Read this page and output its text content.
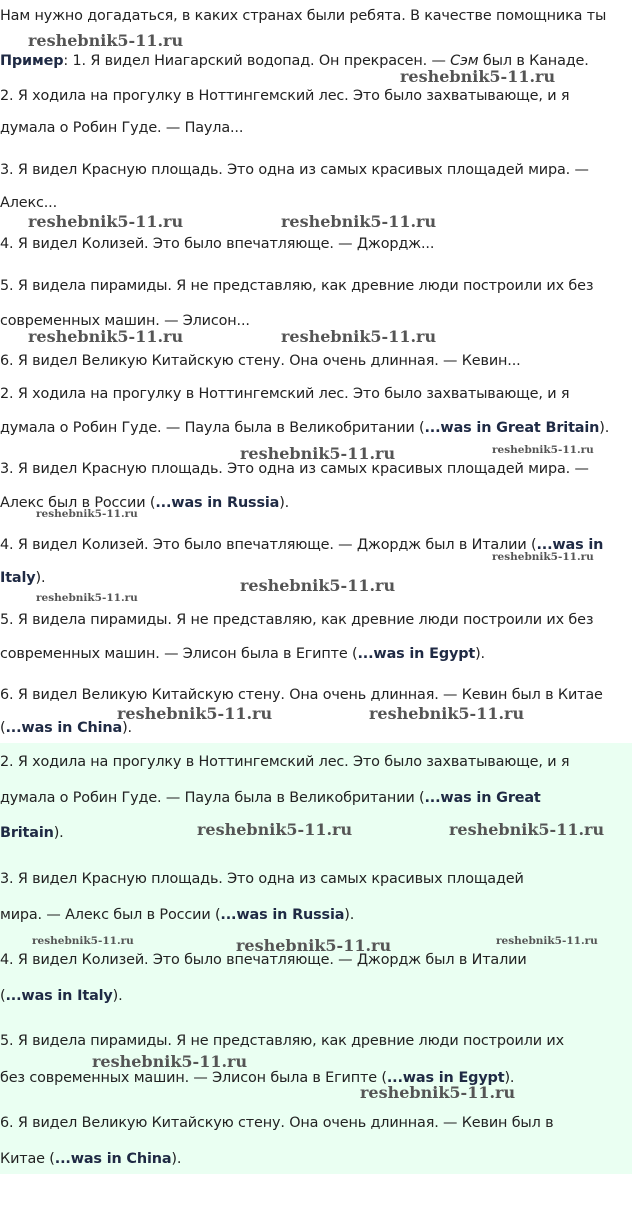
Нам нужно догадаться, в каких странах были ребята. В качестве помощника ты
Пример: 1. Я видел Ниагарский водопад. Он прекрасен. — Сэм был в Канаде.
2. Я ходила на прогулку в Ноттингемский лес. Это было захватывающе, и я
думала о Робин Гуде. — Паула...
3. Я видел Красную площадь. Это одна из самых красивых площадей мира. —
Алекс...
4. Я видел Колизей. Это было впечатляюще. — Джордж...
5. Я видела пирамиды. Я не представляю, как древние люди построили их без
современных машин. — Элисон...
6. Я видел Великую Китайскую стену. Она очень длинная. — Кевин...
2. Я ходила на прогулку в Ноттингемский лес. Это было захватывающе, и я
думала о Робин Гуде. — Паула была в Великобритании (...was in Great Britain).
3. Я видел Красную площадь. Это одна из самых красивых площадей мира. —
Алекс был в России (...was in Russia).
4. Я видел Колизей. Это было впечатляюще. — Джордж был в Италии (...was in
Italy).
5. Я видела пирамиды. Я не представляю, как древние люди построили их без
современных машин. — Элисон была в Египте (...was in Egypt).
6. Я видел Великую Китайскую стену. Она очень длинная. — Кевин был в Китае
(...was in China).
2. Я ходила на прогулку в Ноттингемский лес. Это было захватывающе, и я
думала о Робин Гуде. — Паула была в Великобритании (...was in Great
Britain).
3. Я видел Красную площадь. Это одна из самых красивых площадей
мира. — Алекс был в России (...was in Russia).
4. Я видел Колизей. Это было впечатляюще. — Джордж был в Италии
(...was in Italy).
5. Я видела пирамиды. Я не представляю, как древние люди построили их
без современных машин. — Элисон была в Египте (...was in Egypt).
6. Я видел Великую Китайскую стену. Она очень длинная. — Кевин был в
Китае (...was in China).
reshebnik5-11.ru
reshebnik5-11.ru
reshebnik5-11.ru	reshebnik5-11.ru
reshebnik5-11.ru	reshebnik5-11.ru
reshebnik5-11.ru	reshebnik5-11.ru
reshebnik5-11.ru
reshebnik5-11.ru
reshebnik5-11.ru
reshebnik5-11.ru
reshebnik5-11.ru	reshebnik5-11.ru
reshebnik5-11.ru	reshebnik5-11.ru
reshebnik5-11.ru	reshebnik5-11.ru	reshebnik5-11.ru
reshebnik5-11.ru
reshebnik5-11.ru
